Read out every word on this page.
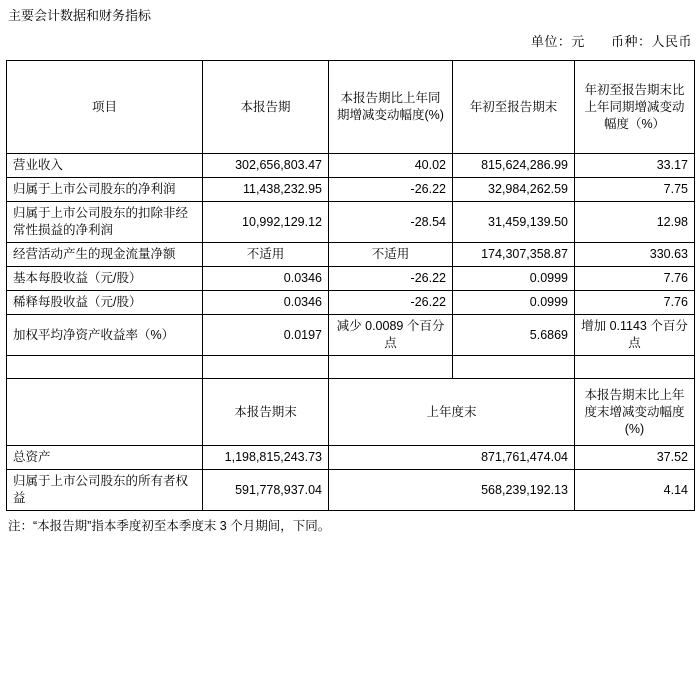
主要会计数据和财务指标
单位：元 币种：人民币
项目	本报告期	本报告期比上年同期增减变动幅度(%)	年初至报告期末	年初至报告期末比上年同期增减变动幅度（%）
营业收入	302,656,803.47	40.02	815,624,286.99	33.17
归属于上市公司股东的净利润	11,438,232.95	-26.22	32,984,262.59	7.75
归属于上市公司股东的扣除非经常性损益的净利润	10,992,129.12	-28.54	31,459,139.50	12.98
经营活动产生的现金流量净额	不适用	不适用	174,307,358.87	330.63
基本每股收益（元/股）	0.0346	-26.22	0.0999	7.76
稀释每股收益（元/股）	0.0346	-26.22	0.0999	7.76
加权平均净资产收益率（%）	0.0197	减少 0.0089 个百分点	5.6869	增加 0.1143 个百分点

	本报告期末	上年度末		本报告期末比上年度末增减变动幅度(%)
总资产	1,198,815,243.73	871,761,474.04		37.52
归属于上市公司股东的所有者权益	591,778,937.04	568,239,192.13		4.14
注：“本报告期”指本季度初至本季度末 3 个月期间，下同。
